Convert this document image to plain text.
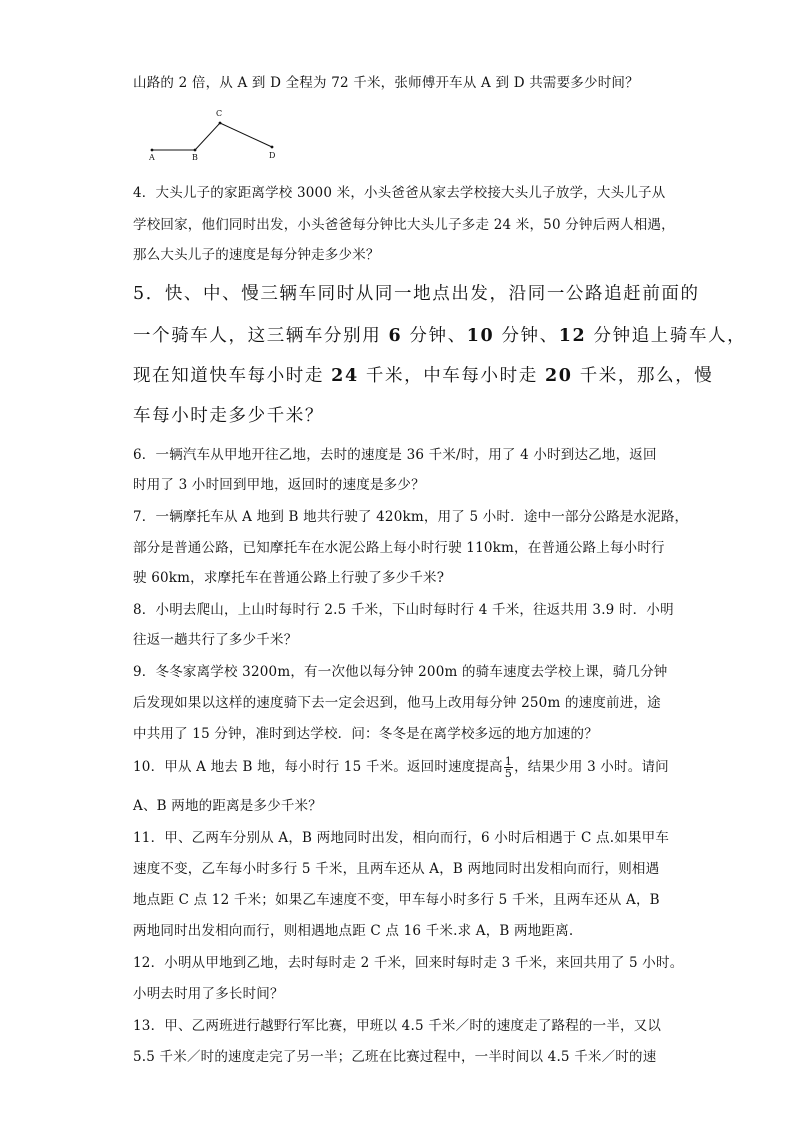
山路的 2 倍，从 A 到 D 全程为 72 千米，张师傅开车从 A 到 D 共需要多少时间？
A	B
C
D
4．大头儿子的家距离学校 3000 米，小头爸爸从家去学校接大头儿子放学，大头儿子从
学校回家，他们同时出发，小头爸爸每分钟比大头儿子多走 24 米，50 分钟后两人相遇，
那么大头儿子的速度是每分钟走多少米？
5．快、中、慢三辆车同时从同一地点出发，沿同一公路追赶前面的
一个骑车人，这三辆车分别用 6 分钟、10 分钟、12 分钟追上骑车人，
现在知道快车每小时走 24 千米，中车每小时走 20 千米，那么，慢
车每小时走多少千米？
6．一辆汽车从甲地开往乙地，去时的速度是 36 千米/时，用了 4 小时到达乙地，返回
时用了 3 小时回到甲地，返回时的速度是多少？
7．一辆摩托车从 A 地到 B 地共行驶了 420km，用了 5 小时．途中一部分公路是水泥路，
部分是普通公路，已知摩托车在水泥公路上每小时行驶 110km，在普通公路上每小时行
驶 60km，求摩托车在普通公路上行驶了多少千米?
8．小明去爬山，上山时每时行 2.5 千米，下山时每时行 4 千米，往返共用 3.9 时．小明
往返一趟共行了多少千米？
9．冬冬家离学校 3200m，有一次他以每分钟 200m 的骑车速度去学校上课，骑几分钟
后发现如果以这样的速度骑下去一定会迟到，他马上改用每分钟 250m 的速度前进，途
中共用了 15 分钟，准时到达学校．问：冬冬是在离学校多远的地方加速的？
10．甲从 A 地去 B 地，每小时行 15 千米。返回时速度提高 $\frac{1}{5}$ ，结果少用 3 小时。请问
A、B 两地的距离是多少千米？
11．甲、乙两车分别从 A，B 两地同时出发，相向而行，6 小时后相遇于 C 点.如果甲车
速度不变，乙车每小时多行 5 千米，且两车还从 A，B 两地同时出发相向而行，则相遇
地点距 C 点 12 千米；如果乙车速度不变，甲车每小时多行 5 千米，且两车还从 A，B
两地同时出发相向而行，则相遇地点距 C 点 16 千米.求 A，B 两地距离.
12．小明从甲地到乙地，去时每时走 2 千米，回来时每时走 3 千米，来回共用了 5 小时。
小明去时用了多长时间？
13．甲、乙两班进行越野行军比赛，甲班以 4.5 千米／时的速度走了路程的一半，又以
5.5 千米／时的速度走完了另一半；乙班在比赛过程中，一半时间以 4.5 千米／时的速
